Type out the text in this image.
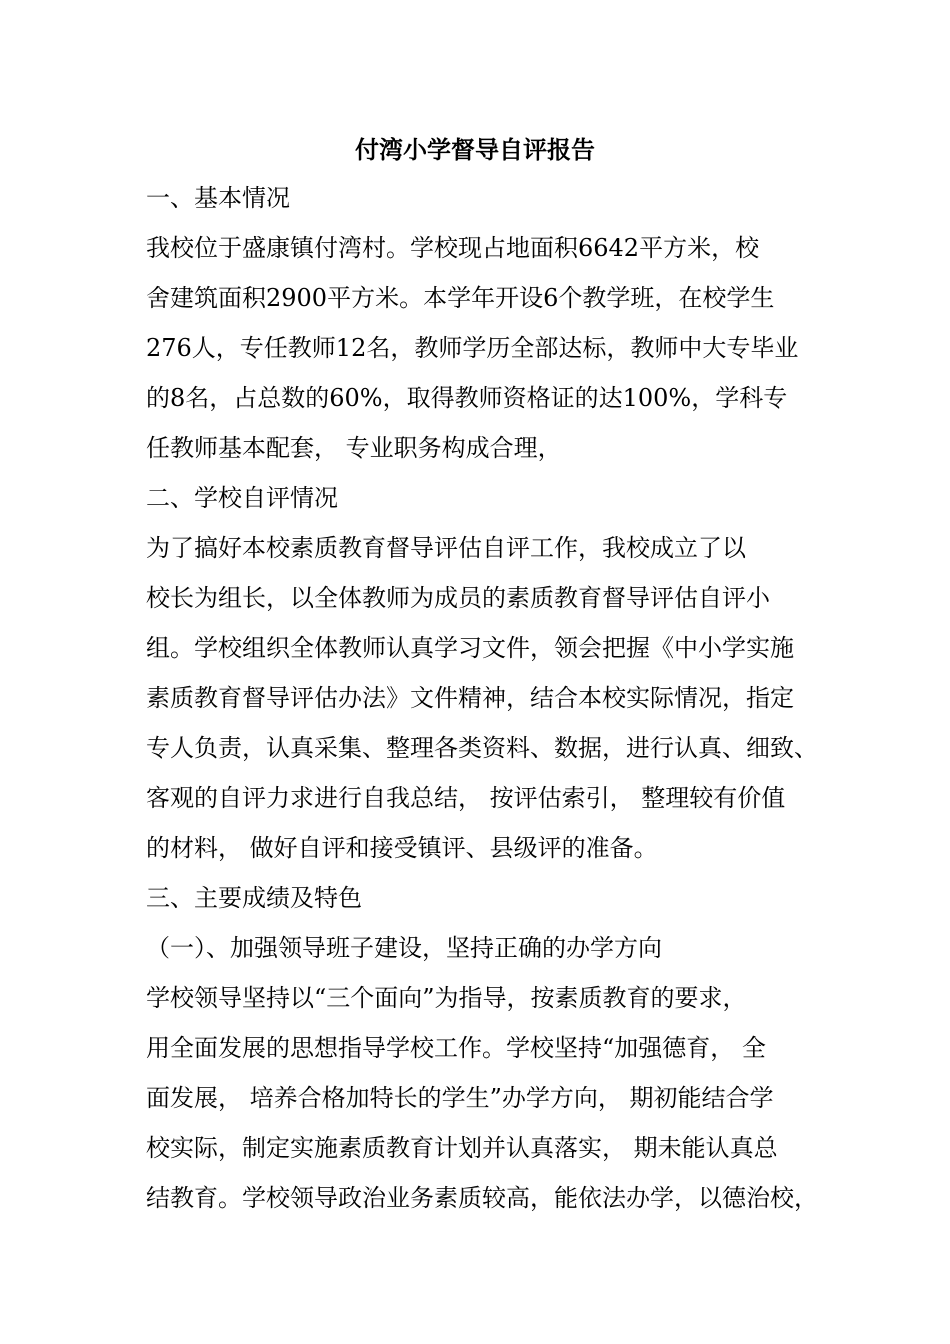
付湾小学督导自评报告
一、基本情况
我校位于盛康镇付湾村。学校现占地面积6642平方米，校
舍建筑面积2900平方米。本学年开设6个教学班，在校学生
276人，专任教师12名，教师学历全部达标，教师中大专毕业
的8名，占总数的60%，取得教师资格证的达100%，学科专
任教师基本配套， 专业职务构成合理，
二、学校自评情况
为了搞好本校素质教育督导评估自评工作，我校成立了以
校长为组长，以全体教师为成员的素质教育督导评估自评小
组。学校组织全体教师认真学习文件，领会把握《中小学实施
素质教育督导评估办法》文件精神，结合本校实际情况，指定
专人负责，认真采集、整理各类资料、数据，进行认真、细致、
客观的自评力求进行自我总结， 按评估索引， 整理较有价值
的材料， 做好自评和接受镇评、县级评的准备。
三、主要成绩及特色
（一）、加强领导班子建设，坚持正确的办学方向
学校领导坚持以“三个面向”为指导，按素质教育的要求，
用全面发展的思想指导学校工作。学校坚持“加强德育， 全
面发展， 培养合格加特长的学生”办学方向， 期初能结合学
校实际，制定实施素质教育计划并认真落实， 期未能认真总
结教育。学校领导政治业务素质较高，能依法办学，以德治校，
